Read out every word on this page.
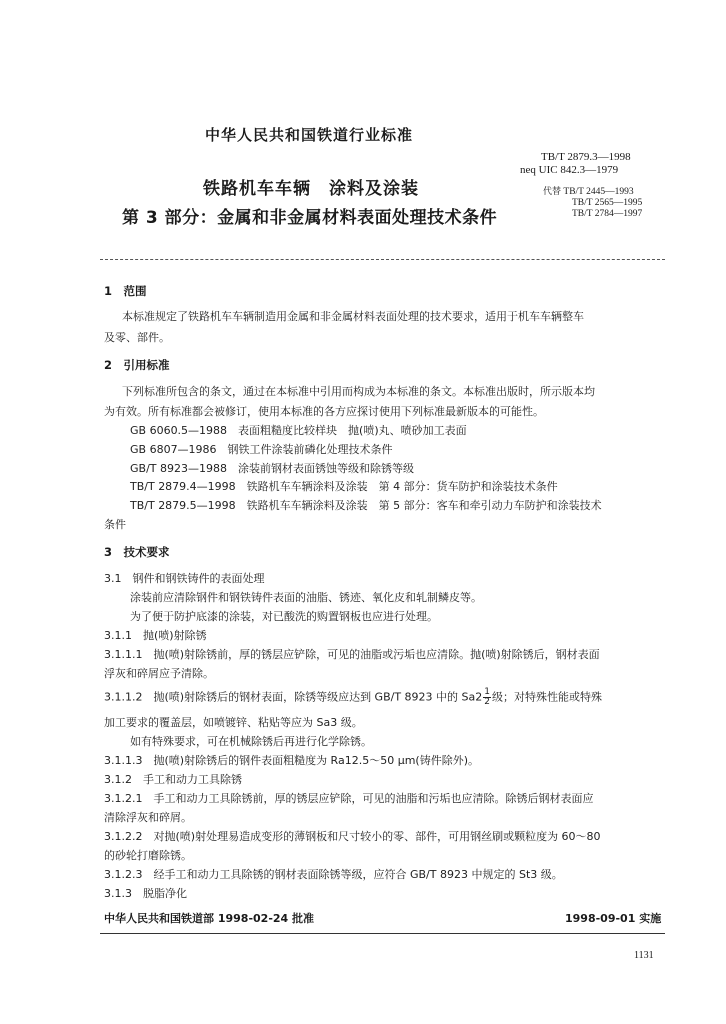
中华人民共和国铁道行业标准
TB/T 2879.3—1998
neq UIC 842.3—1979
铁路机车车辆　涂料及涂装
第 3 部分：金属和非金属材料表面处理技术条件
代替 TB/T 2445—1993
TB/T 2565—1995
TB/T 2784—1997
1　范围
本标准规定了铁路机车车辆制造用金属和非金属材料表面处理的技术要求，适用于机车车辆整车
及零、部件。
2　引用标准
下列标准所包含的条文，通过在本标准中引用而构成为本标准的条文。本标准出版时，所示版本均
为有效。所有标准都会被修订，使用本标准的各方应探讨使用下列标准最新版本的可能性。
GB 6060.5—1988　表面粗糙度比较样块　抛(喷)丸、喷砂加工表面
GB 6807—1986　钢铁工件涂装前磷化处理技术条件
GB/T 8923—1988　涂装前钢材表面锈蚀等级和除锈等级
TB/T 2879.4—1998　铁路机车车辆涂料及涂装　第 4 部分：货车防护和涂装技术条件
TB/T 2879.5—1998　铁路机车车辆涂料及涂装　第 5 部分：客车和牵引动力车防护和涂装技术
条件
3　技术要求
3.1　钢件和钢铁铸件的表面处理
涂装前应清除钢件和钢铁铸件表面的油脂、锈迹、氧化皮和轧制鳞皮等。
为了便于防护底漆的涂装，对已酸洗的购置钢板也应进行处理。
3.1.1　抛(喷)射除锈
3.1.1.1　抛(喷)射除锈前，厚的锈层应铲除，可见的油脂或污垢也应清除。抛(喷)射除锈后，钢材表面
浮灰和碎屑应予清除。
3.1.1.2　抛(喷)射除锈后的钢材表面，除锈等级应达到 GB/T 8923 中的 $Sa2 \frac{1}{2}$ 级；对特殊性能或特殊
加工要求的覆盖层，如喷镀锌、粘贴等应为 Sa3 级。
如有特殊要求，可在机械除锈后再进行化学除锈。
3.1.1.3　抛(喷)射除锈后的钢件表面粗糙度为 Ra12.5～50 μm(铸件除外)。
3.1.2　手工和动力工具除锈
3.1.2.1　手工和动力工具除锈前，厚的锈层应铲除，可见的油脂和污垢也应清除。除锈后钢材表面应
清除浮灰和碎屑。
3.1.2.2　对抛(喷)射处理易造成变形的薄钢板和尺寸较小的零、部件，可用钢丝刷或颗粒度为 60～80
的砂轮打磨除锈。
3.1.2.3　经手工和动力工具除锈的钢材表面除锈等级，应符合 GB/T 8923 中规定的 St3 级。
3.1.3　脱脂净化
中华人民共和国铁道部 1998-02-24 批准	1998-09-01 实施
1131
